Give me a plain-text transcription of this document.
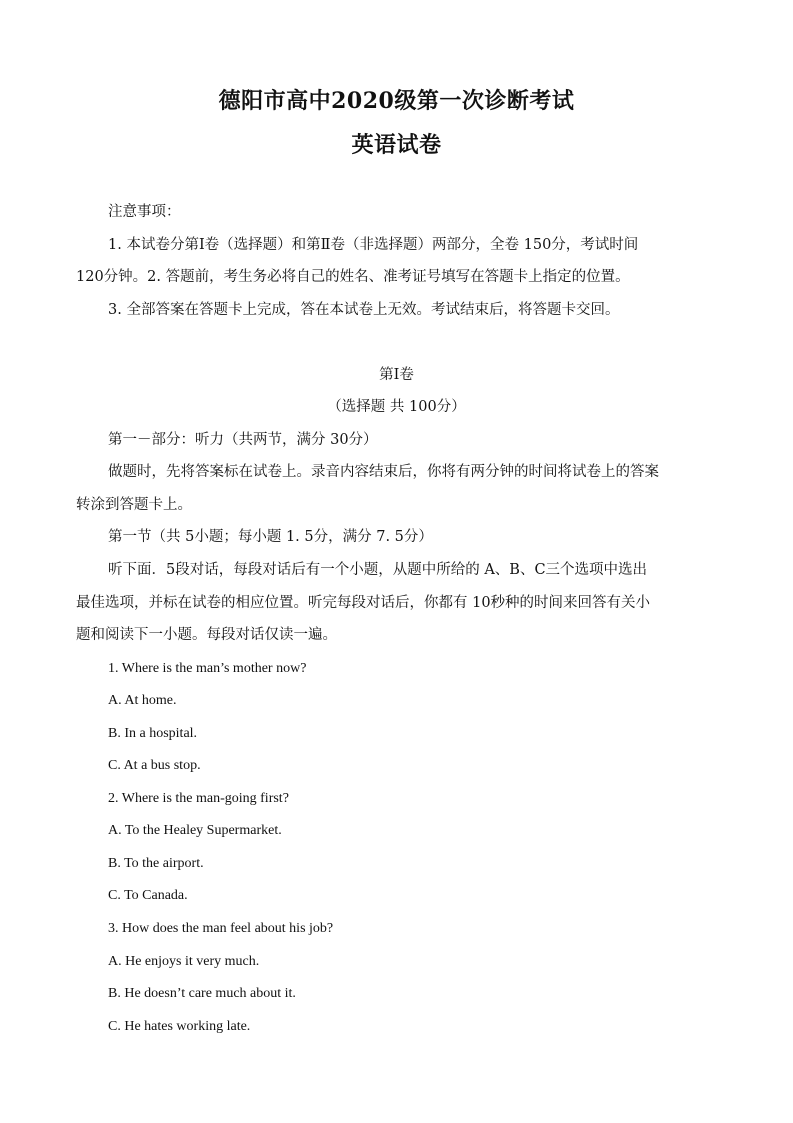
德阳市高中2020级第一次诊断考试
英语试卷
注意事项：
1. 本试卷分第Ⅰ卷（选择题）和第Ⅱ卷（非选择题）两部分，全卷 150分，考试时间
120分钟。2. 答题前，考生务必将自己的姓名、准考证号填写在答题卡上指定的位置。
3. 全部答案在答题卡上完成，答在本试卷上无效。考试结束后，将答题卡交回。
第Ⅰ卷
（选择题 共 100分）
第一－部分：听力（共两节，满分 30分）
做题时，先将答案标在试卷上。录音内容结束后，你将有两分钟的时间将试卷上的答案
转涂到答题卡上。
第一节（共 5小题；每小题 1. 5分，满分 7. 5分）
听下面．5段对话，每段对话后有一个小题，从题中所给的 A、B、C三个选项中选出
最佳选项，并标在试卷的相应位置。听完每段对话后，你都有 10秒种的时间来回答有关小
题和阅读下一小题。每段对话仅读一遍。
1. Where is the man’s mother now?
A. At home.
B. In a hospital.
C. At a bus stop.
2. Where is the man-going first?
A. To the Healey Supermarket.
B. To the airport.
C. To Canada.
3. How does the man feel about his job?
A. He enjoys it very much.
B. He doesn’t care much about it.
C. He hates working late.
